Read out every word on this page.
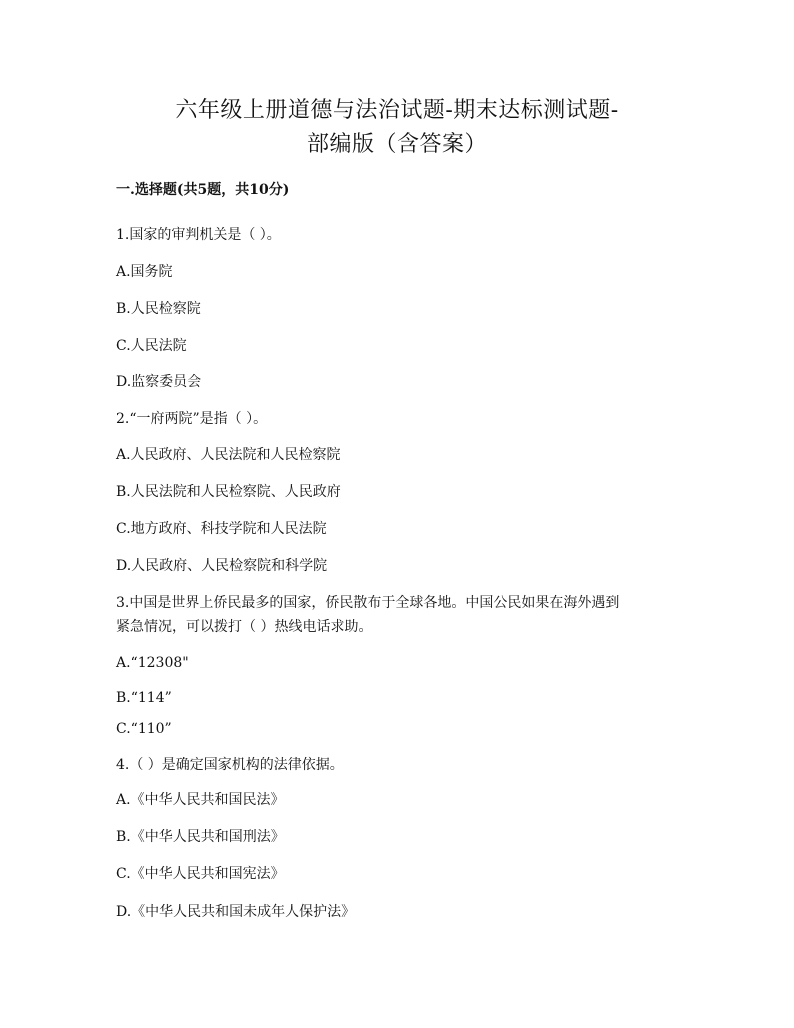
六年级上册道德与法治试题-期末达标测试题-
部编版（含答案）
一.选择题(共5题，共10分)
1.国家的审判机关是（ ）。
A.国务院
B.人民检察院
C.人民法院
D.监察委员会
2.“一府两院”是指（ ）。
A.人民政府、人民法院和人民检察院
B.人民法院和人民检察院、人民政府
C.地方政府、科技学院和人民法院
D.人民政府、人民检察院和科学院
3.中国是世界上侨民最多的国家，侨民散布于全球各地。中国公民如果在海外遇到
紧急情况，可以拨打（ ）热线电话求助。
A.“12308"
B.“114”
C.“110”
4.（ ）是确定国家机构的法律依据。
A.《中华人民共和国民法》
B.《中华人民共和国刑法》
C.《中华人民共和国宪法》
D.《中华人民共和国未成年人保护法》
